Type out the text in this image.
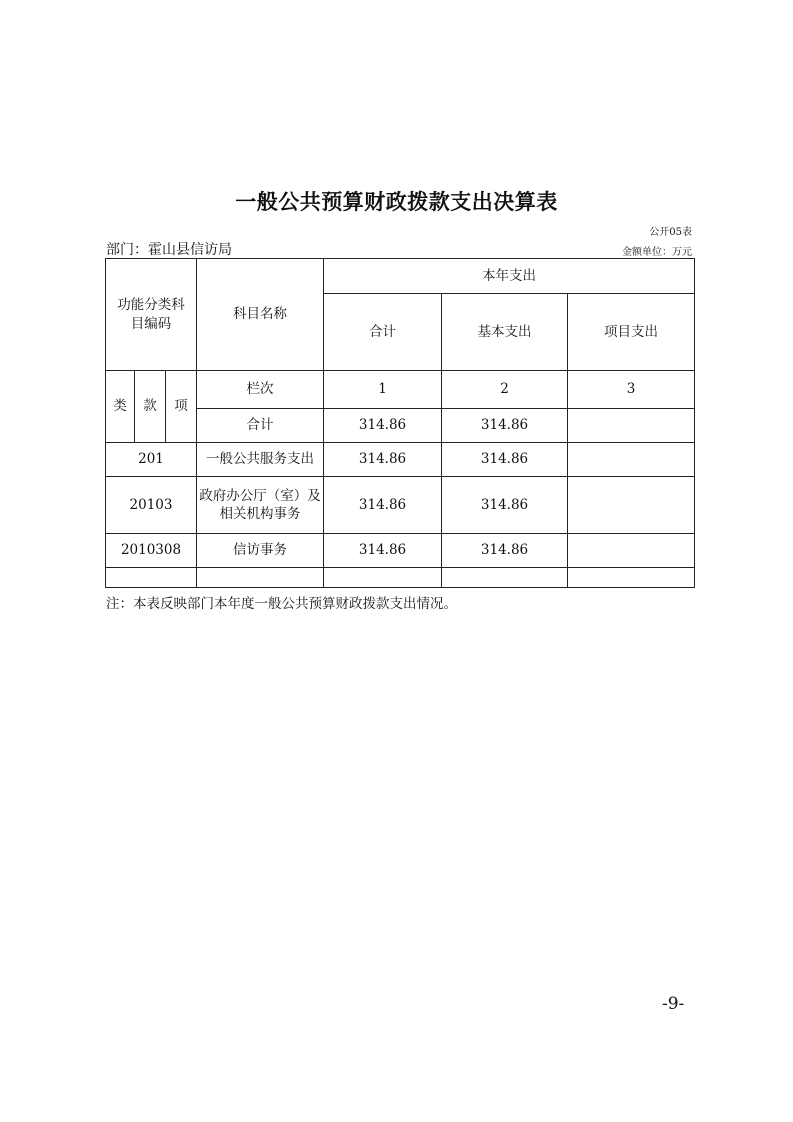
一般公共预算财政拨款支出决算表
公开05表
部门：霍山县信访局	金额单位：万元
功能分类科目编码			科目名称	本年支出		
				合计	基本支出	项目支出
类	款	项	栏次	1	2	3
			合计	314.86	314.86	
201			一般公共服务支出	314.86	314.86	
20103			政府办公厅（室）及相关机构事务	314.86	314.86	
2010308			信访事务	314.86	314.86	

注：本表反映部门本年度一般公共预算财政拨款支出情况。
-9-
